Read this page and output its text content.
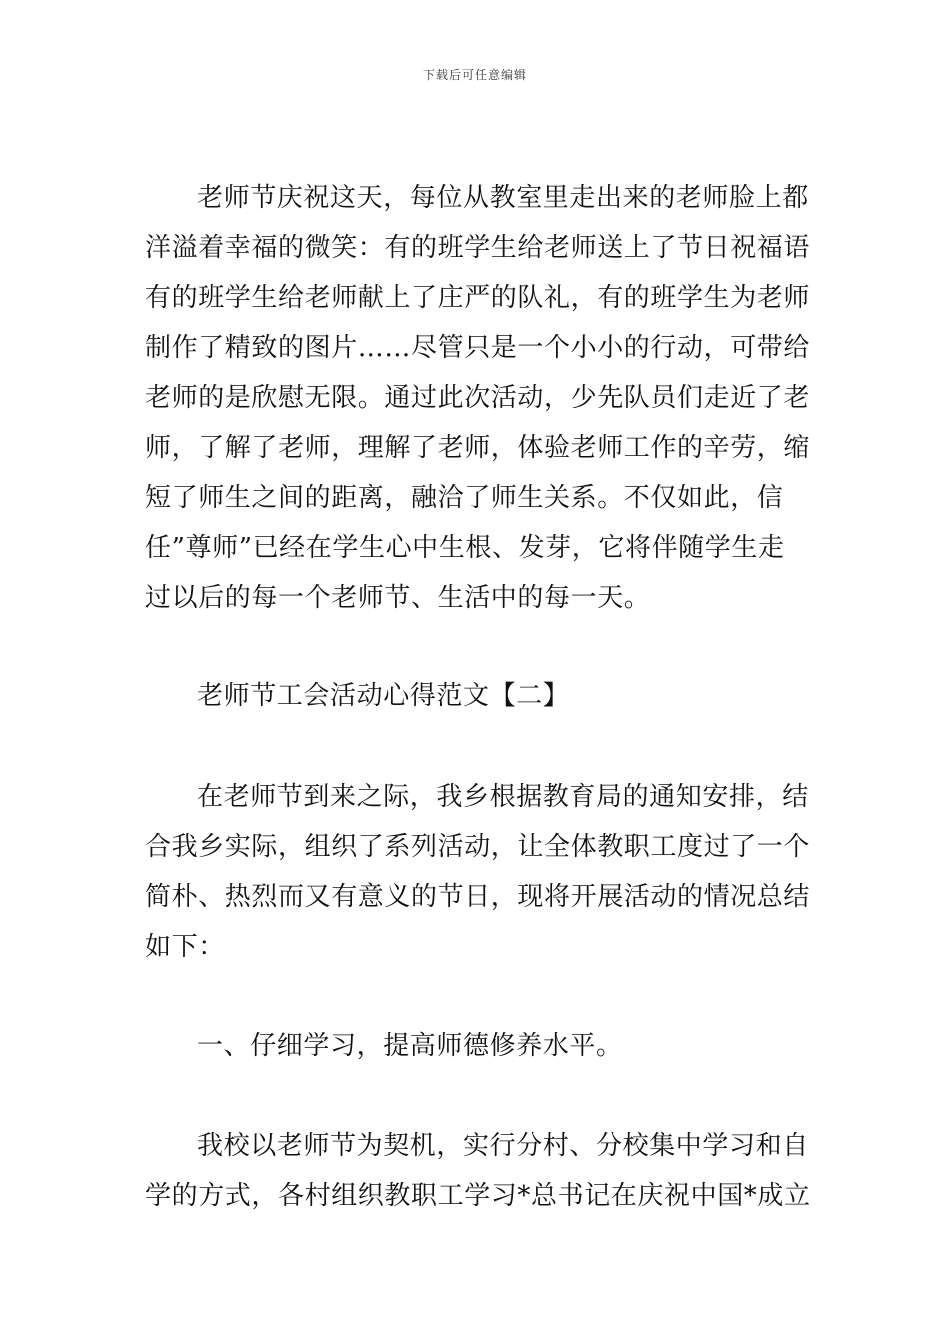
下载后可任意编辑
老师节庆祝这天，每位从教室里走出来的老师脸上都
洋溢着幸福的微笑：有的班学生给老师送上了节日祝福语
有的班学生给老师献上了庄严的队礼，有的班学生为老师
制作了精致的图片……尽管只是一个小小的行动，可带给
老师的是欣慰无限。通过此次活动，少先队员们走近了老
师，了解了老师，理解了老师，体验老师工作的辛劳，缩
短了师生之间的距离，融洽了师生关系。不仅如此，信
任”尊师”已经在学生心中生根、发芽，它将伴随学生走
过以后的每一个老师节、生活中的每一天。
老师节工会活动心得范文【二】
在老师节到来之际，我乡根据教育局的通知安排，结
合我乡实际，组织了系列活动，让全体教职工度过了一个
简朴、热烈而又有意义的节日，现将开展活动的情况总结
如下：
一、仔细学习，提高师德修养水平。
我校以老师节为契机，实行分村、分校集中学习和自
学的方式，各村组织教职工学习*总书记在庆祝中国*成立
